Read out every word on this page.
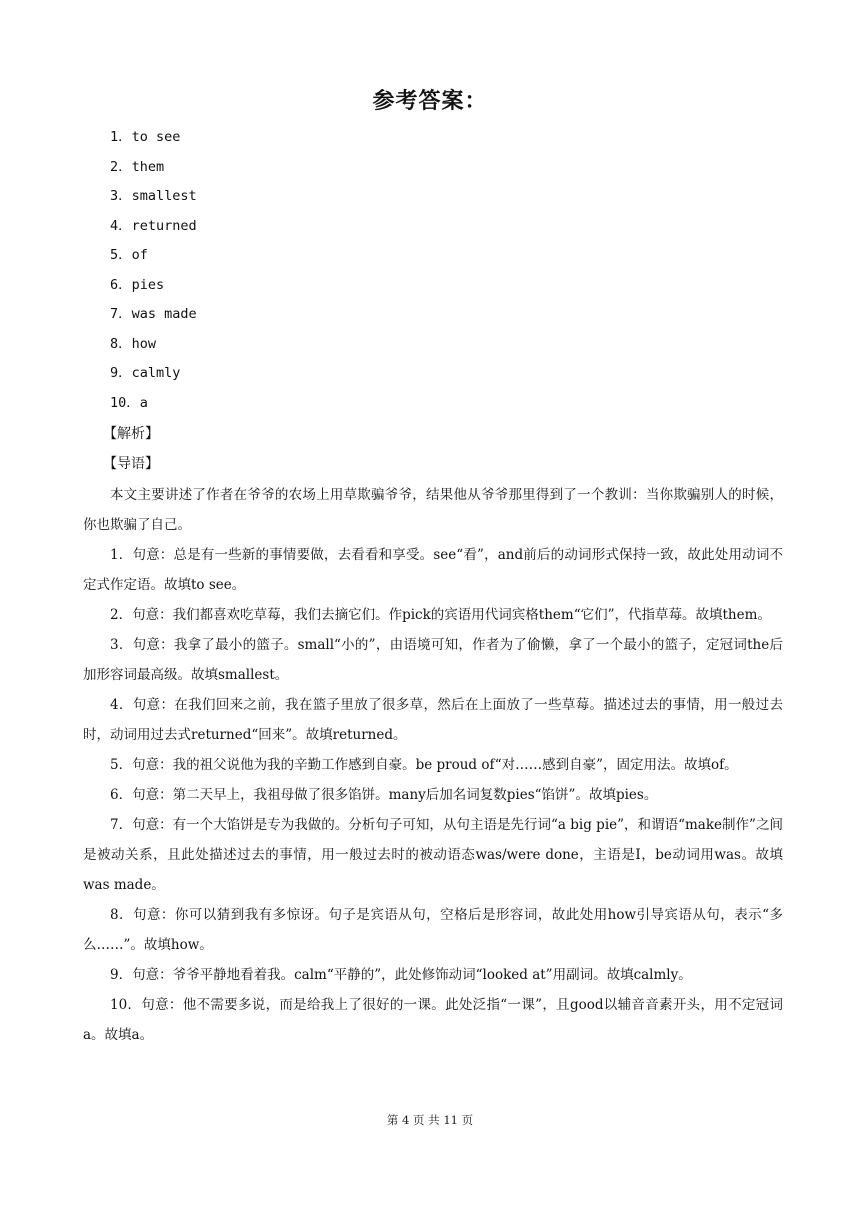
参考答案：
1．to see
2．them
3．smallest
4．returned
5．of
6．pies
7．was made
8．how
9．calmly
10．a
【解析】
【导语】

本文主要讲述了作者在爷爷的农场上用草欺骗爷爷，结果他从爷爷那里得到了一个教训：当你欺骗别人的时候，你也欺骗了自己。

1．句意：总是有一些新的事情要做，去看看和享受。see“看”，and前后的动词形式保持一致，故此处用动词不定式作定语。故填to see。

2．句意：我们都喜欢吃草莓，我们去摘它们。作pick的宾语用代词宾格them“它们”，代指草莓。故填them。

3．句意：我拿了最小的篮子。small“小的”，由语境可知，作者为了偷懒，拿了一个最小的篮子，定冠词the后加形容词最高级。故填smallest。

4．句意：在我们回来之前，我在篮子里放了很多草，然后在上面放了一些草莓。描述过去的事情，用一般过去时，动词用过去式returned“回来”。故填returned。

5．句意：我的祖父说他为我的辛勤工作感到自豪。be proud of“对……感到自豪”，固定用法。故填of。

6．句意：第二天早上，我祖母做了很多馅饼。many后加名词复数pies“馅饼”。故填pies。

7．句意：有一个大馅饼是专为我做的。分析句子可知，从句主语是先行词“a big pie”，和谓语“make制作”之间是被动关系，且此处描述过去的事情，用一般过去时的被动语态was/were done，主语是I，be动词用was。故填was made。

8．句意：你可以猜到我有多惊讶。句子是宾语从句，空格后是形容词，故此处用how引导宾语从句，表示“多么……”。故填how。

9．句意：爷爷平静地看着我。calm“平静的”，此处修饰动词“looked at”用副词。故填calmly。

10．句意：他不需要多说，而是给我上了很好的一课。此处泛指“一课”，且good以辅音音素开头，用不定冠词a。故填a。

第 4 页 共 11 页
